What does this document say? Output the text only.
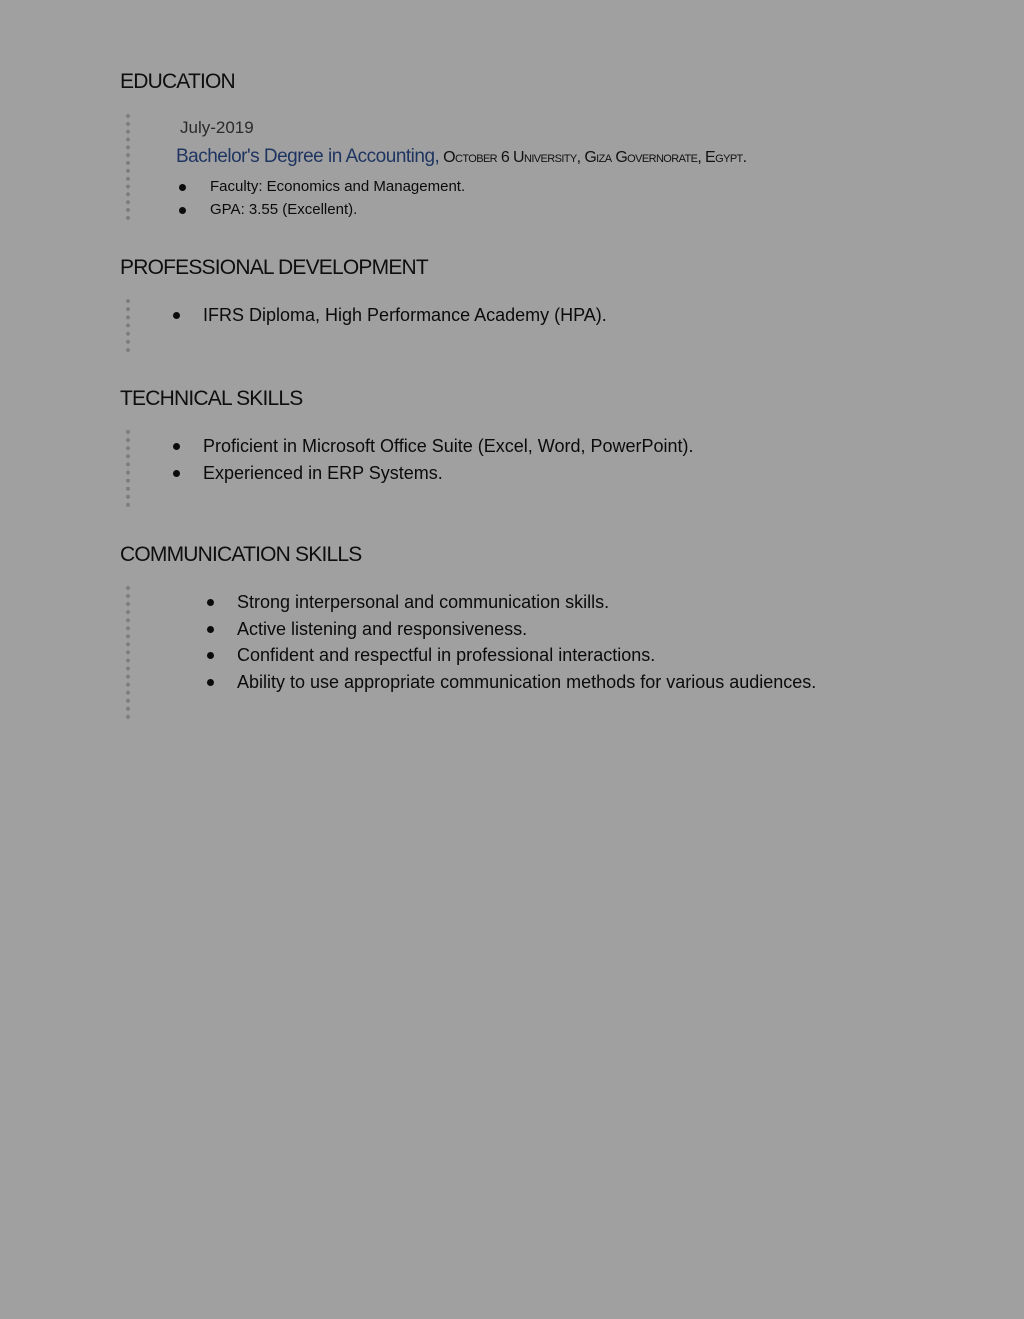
EDUCATION
July-2019
Bachelor's Degree in Accounting, October 6 University, Giza Governorate, Egypt.
Faculty: Economics and Management.
GPA: 3.55 (Excellent).
PROFESSIONAL DEVELOPMENT
IFRS Diploma, High Performance Academy (HPA).
TECHNICAL SKILLS
Proficient in Microsoft Office Suite (Excel, Word, PowerPoint).
Experienced in ERP Systems.
COMMUNICATION SKILLS
Strong interpersonal and communication skills.
Active listening and responsiveness.
Confident and respectful in professional interactions.
Ability to use appropriate communication methods for various audiences.
